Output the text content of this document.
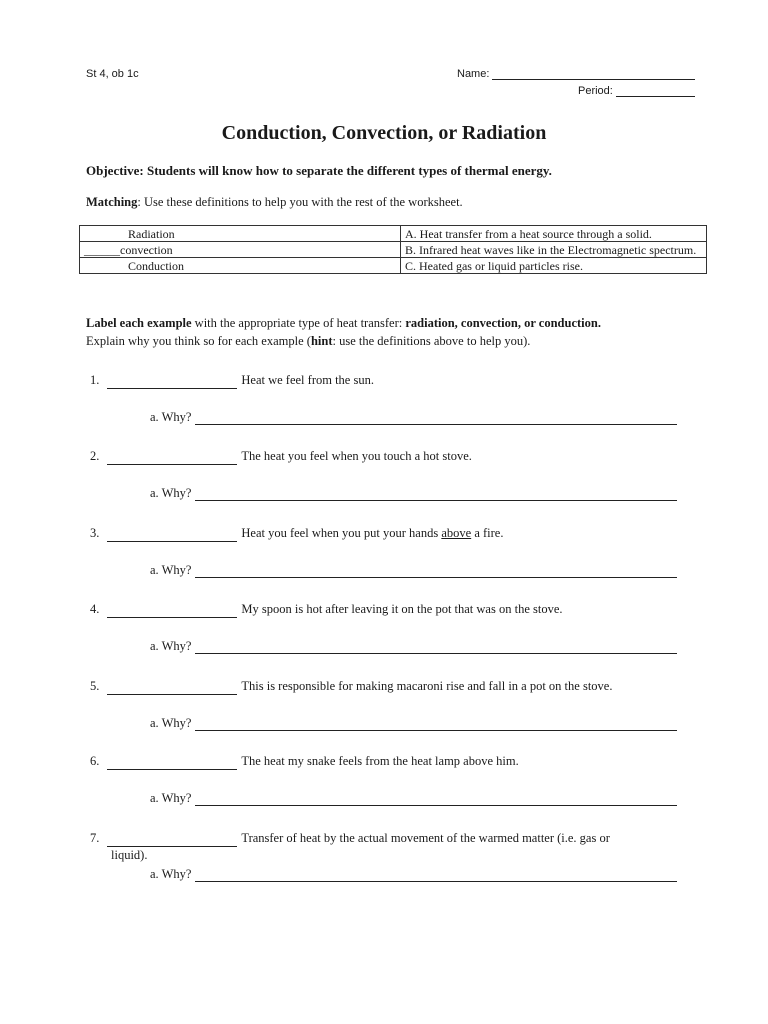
St 4, ob 1c	Name:
Period:
Conduction, Convection, or Radiation
Objective: Students will know how to separate the different types of thermal energy.
Matching: Use these definitions to help you with the rest of the worksheet.
Radiation	A. Heat transfer from a heat source through a solid.
______convection	B. Infrared heat waves like in the Electromagnetic spectrum.
Conduction	C. Heated gas or liquid particles rise.
Label each example with the appropriate type of heat transfer: radiation, convection, or conduction.
Explain why you think so for each example (hint: use the definitions above to help you).
1.	Heat we feel from the sun.
a. Why?
2.	The heat you feel when you touch a hot stove.
a. Why?
3.	Heat you feel when you put your hands above a fire.
a. Why?
4.	My spoon is hot after leaving it on the pot that was on the stove.
a. Why?
5.	This is responsible for making macaroni rise and fall in a pot on the stove.
a. Why?
6.	The heat my snake feels from the heat lamp above him.
a. Why?
7.	Transfer of heat by the actual movement of the warmed matter (i.e. gas or
liquid).
a. Why?
